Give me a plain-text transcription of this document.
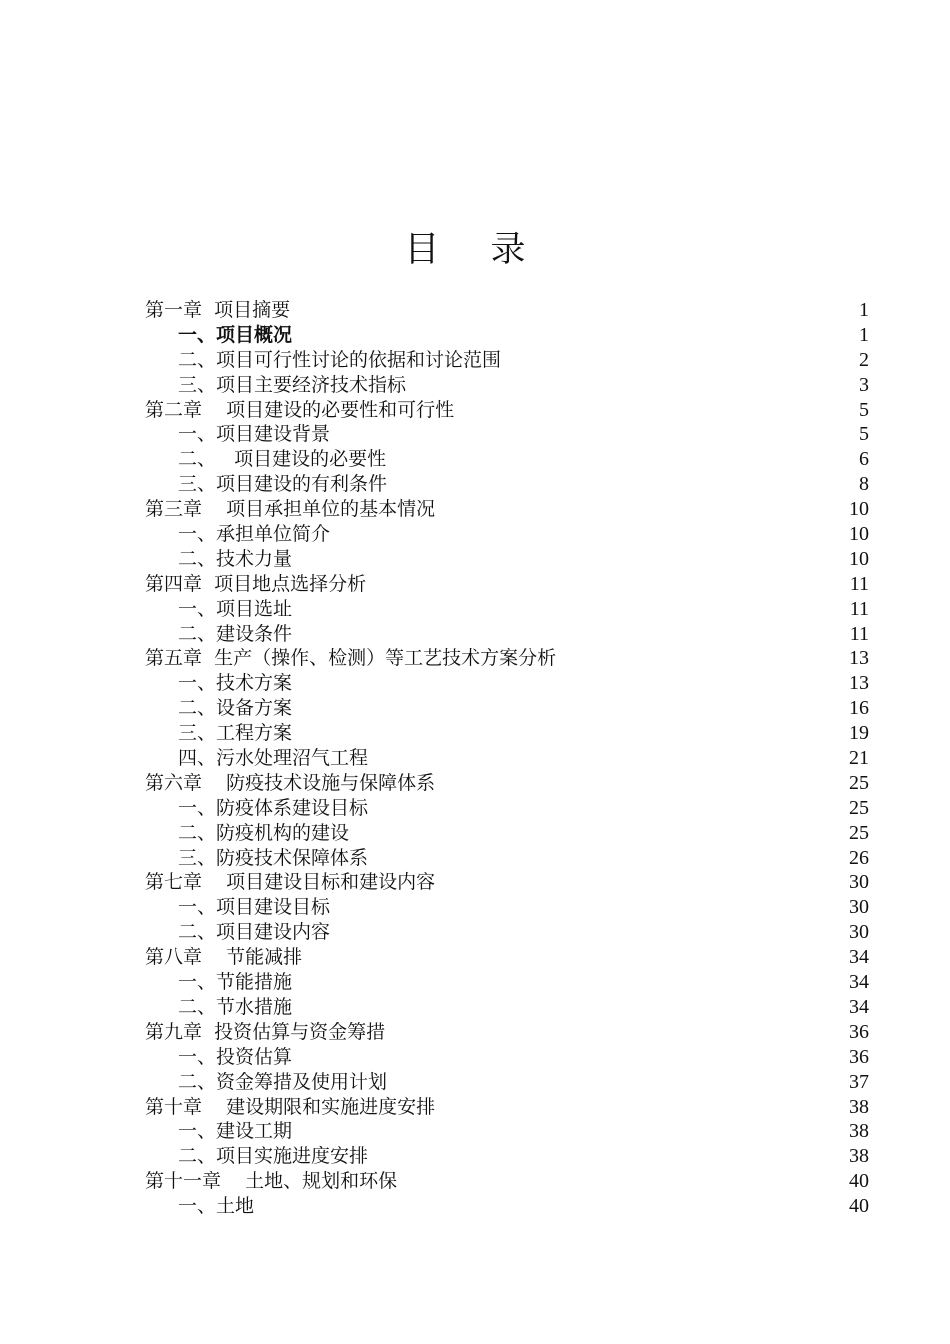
目 录
第一章  项目摘要	1
一、项目概况	1
二、项目可行性讨论的依据和讨论范围	2
三、项目主要经济技术指标	3
第二章    项目建设的必要性和可行性	5
一、项目建设背景	5
二、   项目建设的必要性	6
三、项目建设的有利条件	8
第三章    项目承担单位的基本情况	10
一、承担单位简介	10
二、技术力量	10
第四章  项目地点选择分析	11
一、项目选址	11
二、建设条件	11
第五章  生产（操作、检测）等工艺技术方案分析	13
一、技术方案	13
二、设备方案	16
三、工程方案	19
四、污水处理沼气工程	21
第六章    防疫技术设施与保障体系	25
一、防疫体系建设目标	25
二、防疫机构的建设	25
三、防疫技术保障体系	26
第七章    项目建设目标和建设内容	30
一、项目建设目标	30
二、项目建设内容	30
第八章    节能减排	34
一、节能措施	34
二、节水措施	34
第九章  投资估算与资金筹措	36
一、投资估算	36
二、资金筹措及使用计划	37
第十章    建设期限和实施进度安排	38
一、建设工期	38
二、项目实施进度安排	38
第十一章    土地、规划和环保	40
一、土地	40
